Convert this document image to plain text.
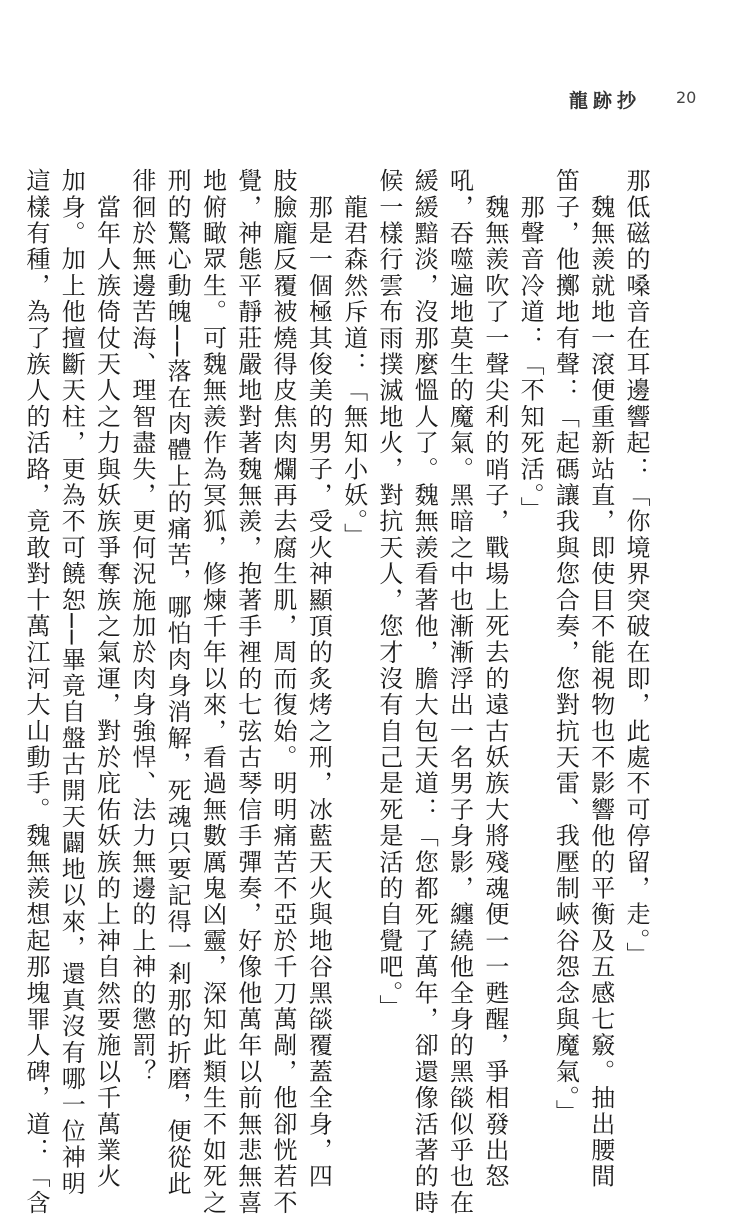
龍跡抄 20
那低磁的嗓音在耳邊響起：「你境界突破在即，此處不可停留，走。」
　魏無羨就地一滾便重新站直，即使目不能視物也不影響他的平衡及五感七竅。抽出腰間
笛子，他擲地有聲：「起碼讓我與您合奏，您對抗天雷、我壓制峽谷怨念與魔氣。」
　那聲音冷道：「不知死活。」
　魏無羨吹了一聲尖利的哨子，戰場上死去的遠古妖族大將殘魂便一一甦醒，爭相發出怒
吼，吞噬遍地莫生的魔氣。黑暗之中也漸漸浮出一名男子身影，纏繞他全身的黑燄似乎也在
緩緩黯淡，沒那麼慍人了。魏無羨看著他，膽大包天道：「您都死了萬年，卻還像活著的時
候一樣行雲布雨撲滅地火，對抗天人，您才沒有自己是死是活的自覺吧。」
　龍君森然斥道：「無知小妖。」
　那是一個極其俊美的男子，受火神顯頂的炙烤之刑，冰藍天火與地谷黑燄覆蓋全身，四
肢臉龐反覆被燒得皮焦肉爛再去腐生肌，周而復始。明明痛苦不亞於千刀萬剮，他卻恍若不
覺，神態平靜莊嚴地對著魏無羨，抱著手裡的七弦古琴信手彈奏，好像他萬年以前無悲無喜
地俯瞰眾生。可魏無羨作為冥狐，修煉千年以來，看過無數厲鬼凶靈，深知此類生不如死之
刑的驚心動魄──落在肉體上的痛苦，哪怕肉身消解，死魂只要記得一剎那的折磨，便從此
徘徊於無邊苦海、理智盡失，更何況施加於肉身強悍、法力無邊的上神的懲罰？
　當年人族倚仗天人之力與妖族爭奪族之氣運，對於庇佑妖族的上神自然要施以千萬業火
加身。加上他擅斷天柱，更為不可饒恕──畢竟自盤古開天闢地以來，還真沒有哪一位神明
這樣有種，為了族人的活路，竟敢對十萬江河大山動手。魏無羨想起那塊罪人碑，道：「含
